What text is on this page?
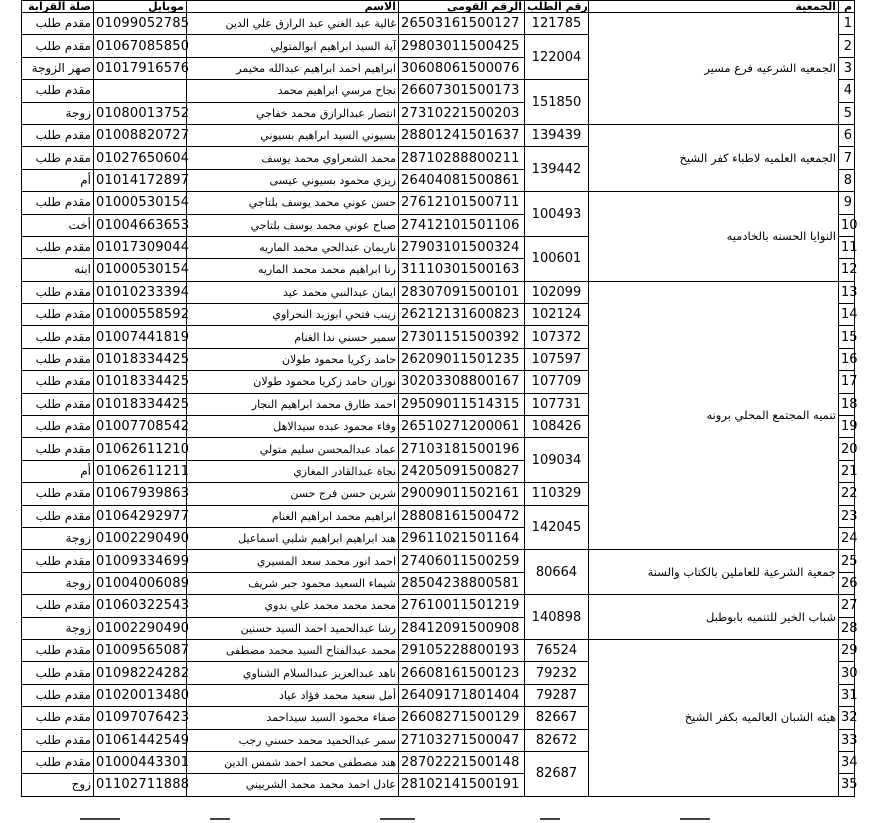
صلة القرابة	موبايل	الاسم	الرقم القومي	رقم الطلب	الجمعية	م
مقدم طلب	01099052785	غالية عبد الغني عبد الرازق علي الدين	26503161500127	121785	الجمعيه الشرعيه فرع مسير	1
مقدم طلب	01067085850	آية السيد ابراهيم ابوالمتولي	29803011500425	122004		2
صهر الزوجة	01017916576	ابراهيم احمد ابراهيم عبدالله مخيمر	30608061500076			3
مقدم طلب		نجاح مرسي ابراهيم محمد	26607301500173	151850		4
زوجة	01080013752	انتصار عبدالرازق محمد خفاجي	27310221500203			5
مقدم طلب	01008820727	بسيوني السيد ابراهيم بسيوني	28801241501637	139439	الجمعيه العلميه لاطباء كفر الشيخ	6
مقدم طلب	01027650604	محمد الشعراوي محمد يوسف	28710288800211	139442		7
أم	01014172897	زيزي محمود بسيوني عيسى	26404081500861			8
مقدم طلب	01000530154	حسن عوني محمد يوسف بلتاجي	27612101500711	100493	النوايا الحسنه بالخادميه	9
أخت	01004663653	صباح عوني محمد يوسف بلتاجي	27412101501106			10
مقدم طلب	01017309044	ناريمان عبدالحي محمد الماريه	27903101500324	100601		11
ابنه	01000530154	رنا ابراهيم محمد محمد الماريه	31110301500163			12
مقدم طلب	01010233394	ايمان عبدالنبي محمد عيد	28307091500101	102099	تنميه المجتمع المحلي برونه	13
مقدم طلب	01000558592	زينب فتحي ابوزيد النحراوي	26212131600823	102124		14
مقدم طلب	01007441819	سمير حسني ندا الغنام	27301151500392	107372		15
مقدم طلب	01018334425	حامد زكريا محمود طولان	26209011501235	107597		16
مقدم طلب	01018334425	نوران حامد زكريا محمود طولان	30203308800167	107709		17
مقدم طلب	01018334425	احمد طارق محمد ابراهيم النجار	29509011514315	107731		18
مقدم طلب	01007708542	وفاء محمود عبده سيدالاهل	26510271200061	108426		19
مقدم طلب	01062611210	عماد عبدالمحسن سليم متولي	27103181500196	109034		20
أم	01062611211	نجاة عبدالقادر المغازي	24205091500827			21
مقدم طلب	01067939863	شرين حسن فرج حسن	29009011502161	110329		22
مقدم طلب	01064292977	ابراهيم محمد ابراهيم الغنام	28808161500472	142045		23
زوجة	01002290490	هند ابراهيم ابراهيم شلبي اسماعيل	29611021501164			24
مقدم طلب	01009334699	احمد انور محمد سعد المسيري	27406011500259	80664	جمعية الشرعية للعاملين بالكتاب والسنة	25
زوجة	01004006089	شيماء السعيد محمود جبر شريف	28504238800581			26
مقدم طلب	01060322543	محمد محمد محمد علي بدوي	27610011501219	140898	شباب الخير للتنميه بابوطبل	27
زوجة	01002290490	رشا عبدالحميد احمد السيد حسنين	28412091500908			28
مقدم طلب	01009565087	محمد عبدالفتاح السيد محمد مصطفى	29105228800193	76524	هيئه الشبان العالميه بكفر الشيخ	29
مقدم طلب	01098224282	ناهد عبدالعزيز عبدالسلام الشناوي	26608161500123	79232		30
مقدم طلب	01020013480	أمل سعيد محمد فؤاد عياد	26409171801404	79287		31
مقدم طلب	01097076423	صفاء محمود السيد سيداحمد	26608271500129	82667		32
مقدم طلب	01061442549	سمر عبدالحميد محمد حسني رجب	27103271500047	82672		33
مقدم طلب	01000443301	هند مصطفى محمد احمد شمس الدين	28702221500148	82687		34
زوج	01102711888	عادل احمد محمد محمد الشربيني	28102141500191			35
